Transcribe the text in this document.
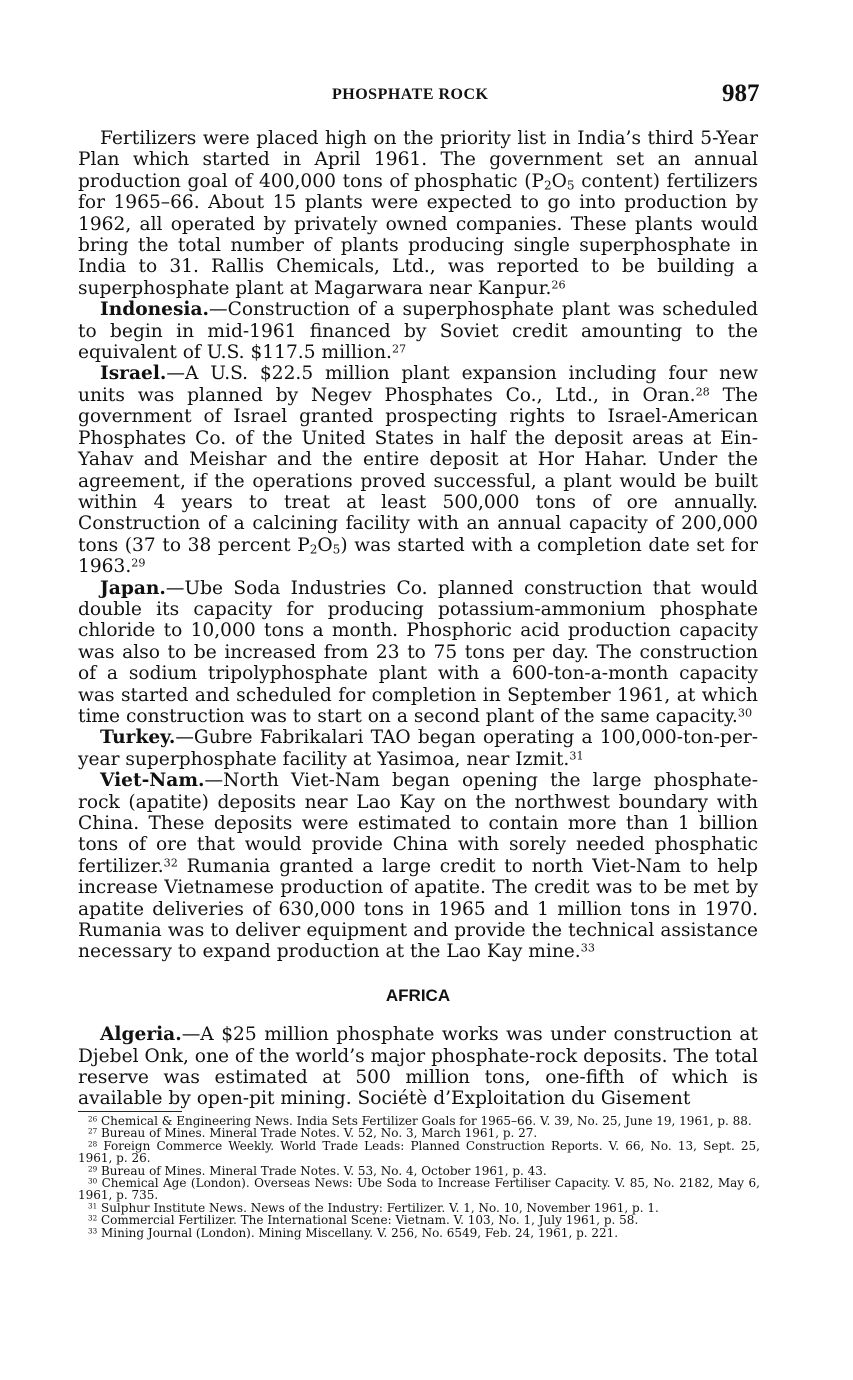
PHOSPHATE ROCK	987

Fertilizers were placed high on the priority list in India’s third 5-Year Plan which started in April 1961. The government set an annual production goal of 400,000 tons of phosphatic ($P_2O_5$ content) fertilizers for 1965–66. About 15 plants were expected to go into production by 1962, all operated by privately owned companies. These plants would bring the total number of plants producing single superphosphate in India to 31. Rallis Chemicals, Ltd., was reported to be building a superphosphate plant at Magarwara near Kanpur.$^{26}$

Indonesia.—Construction of a superphosphate plant was scheduled to begin in mid-1961 financed by Soviet credit amounting to the equivalent of U.S. $117.5 million.$^{27}$

Israel.—A U.S. $22.5 million plant expansion including four new units was planned by Negev Phosphates Co., Ltd., in Oran.$^{28}$ The government of Israel granted prospecting rights to Israel-American Phosphates Co. of the United States in half the deposit areas at Ein-Yahav and Meishar and the entire deposit at Hor Hahar. Under the agreement, if the operations proved successful, a plant would be built within 4 years to treat at least 500,000 tons of ore annually. Construction of a calcining facility with an annual capacity of 200,000 tons (37 to 38 percent $P_2O_5$) was started with a completion date set for 1963.29

Japan.—Ube Soda Industries Co. planned construction that would double its capacity for producing potassium-ammonium phosphate chloride to 10,000 tons a month. Phosphoric acid production capacity was also to be increased from 23 to 75 tons per day. The construction of a sodium tripolyphosphate plant with a 600-ton-a-month capacity was started and scheduled for completion in September 1961, at which time construction was to start on a second plant of the same capacity.$^{30}$

Turkey.—Gubre Fabrikalari TAO began operating a 100,000-ton-per-year superphosphate facility at Yasimoa, near Izmit.$^{31}$

Viet-Nam.—North Viet-Nam began opening the large phosphate-rock (apatite) deposits near Lao Kay on the northwest boundary with China. These deposits were estimated to contain more than 1 billion tons of ore that would provide China with sorely needed phosphatic fertilizer.$^{32}$ Rumania granted a large credit to north Viet-Nam to help increase Vietnamese production of apatite. The credit was to be met by apatite deliveries of 630,000 tons in 1965 and 1 million tons in 1970. Rumania was to deliver equipment and provide the technical assistance necessary to expand production at the Lao Kay mine.$^{33}$

AFRICA

Algeria.—A $25 million phosphate works was under construction at Djebel Onk, one of the world’s major phosphate-rock deposits. The total reserve was estimated at 500 million tons, one-fifth of which is available by open-pit mining. Sociétè d’Exploitation du Gisement

$^{26}$ Chemical & Engineering News. India Sets Fertilizer Goals for 1965–66. V. 39, No. 25, June 19, 1961, p. 88.

$^{27}$ Bureau of Mines. Mineral Trade Notes. V. 52, No. 3, March 1961, p. 27.

$^{28}$ Foreign Commerce Weekly. World Trade Leads: Planned Construction Reports. V. 66, No. 13, Sept. 25, 1961, p. 26.

$^{29}$ Bureau of Mines. Mineral Trade Notes. V. 53, No. 4, October 1961, p. 43.

$^{30}$ Chemical Age (London). Overseas News: Ube Soda to Increase Fertiliser Capacity. V. 85, No. 2182, May 6, 1961, p. 735.

$^{31}$ Sulphur Institute News. News of the Industry: Fertilizer. V. 1, No. 10, November 1961, p. 1.

$^{32}$ Commercial Fertilizer. The International Scene: Vietnam. V. 103, No. 1, July 1961, p. 58.

$^{33}$ Mining Journal (London). Mining Miscellany. V. 256, No. 6549, Feb. 24, 1961, p. 221.
